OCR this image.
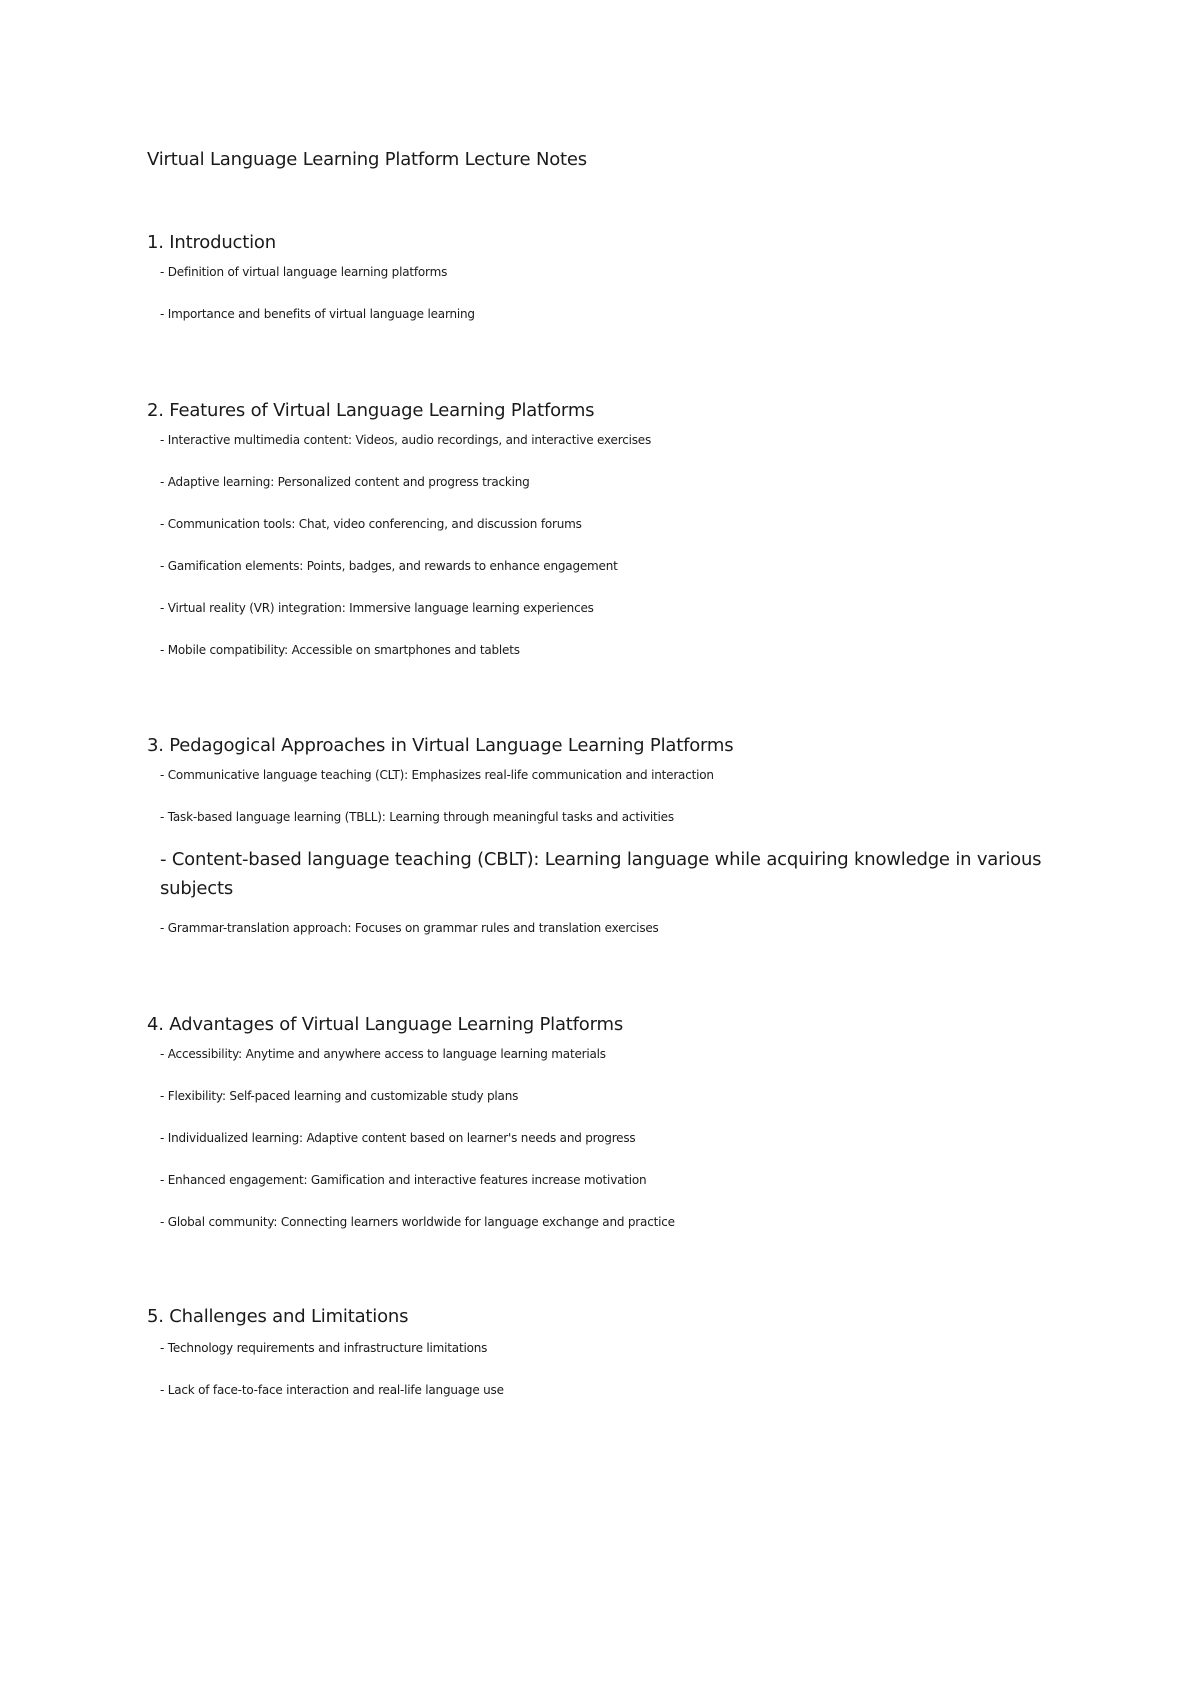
Virtual Language Learning Platform Lecture Notes
1. Introduction

- Definition of virtual language learning platforms

- Importance and benefits of virtual language learning

2. Features of Virtual Language Learning Platforms

- Interactive multimedia content: Videos, audio recordings, and interactive exercises

- Adaptive learning: Personalized content and progress tracking

- Communication tools: Chat, video conferencing, and discussion forums

- Gamification elements: Points, badges, and rewards to enhance engagement

- Virtual reality (VR) integration: Immersive language learning experiences

- Mobile compatibility: Accessible on smartphones and tablets

3. Pedagogical Approaches in Virtual Language Learning Platforms

- Communicative language teaching (CLT): Emphasizes real-life communication and interaction

- Task-based language learning (TBLL): Learning through meaningful tasks and activities

- Content-based language teaching (CBLT): Learning language while acquiring knowledge in various subjects

- Grammar-translation approach: Focuses on grammar rules and translation exercises

4. Advantages of Virtual Language Learning Platforms

- Accessibility: Anytime and anywhere access to language learning materials

- Flexibility: Self-paced learning and customizable study plans

- Individualized learning: Adaptive content based on learner's needs and progress

- Enhanced engagement: Gamification and interactive features increase motivation

- Global community: Connecting learners worldwide for language exchange and practice

5. Challenges and Limitations

- Technology requirements and infrastructure limitations

- Lack of face-to-face interaction and real-life language use
